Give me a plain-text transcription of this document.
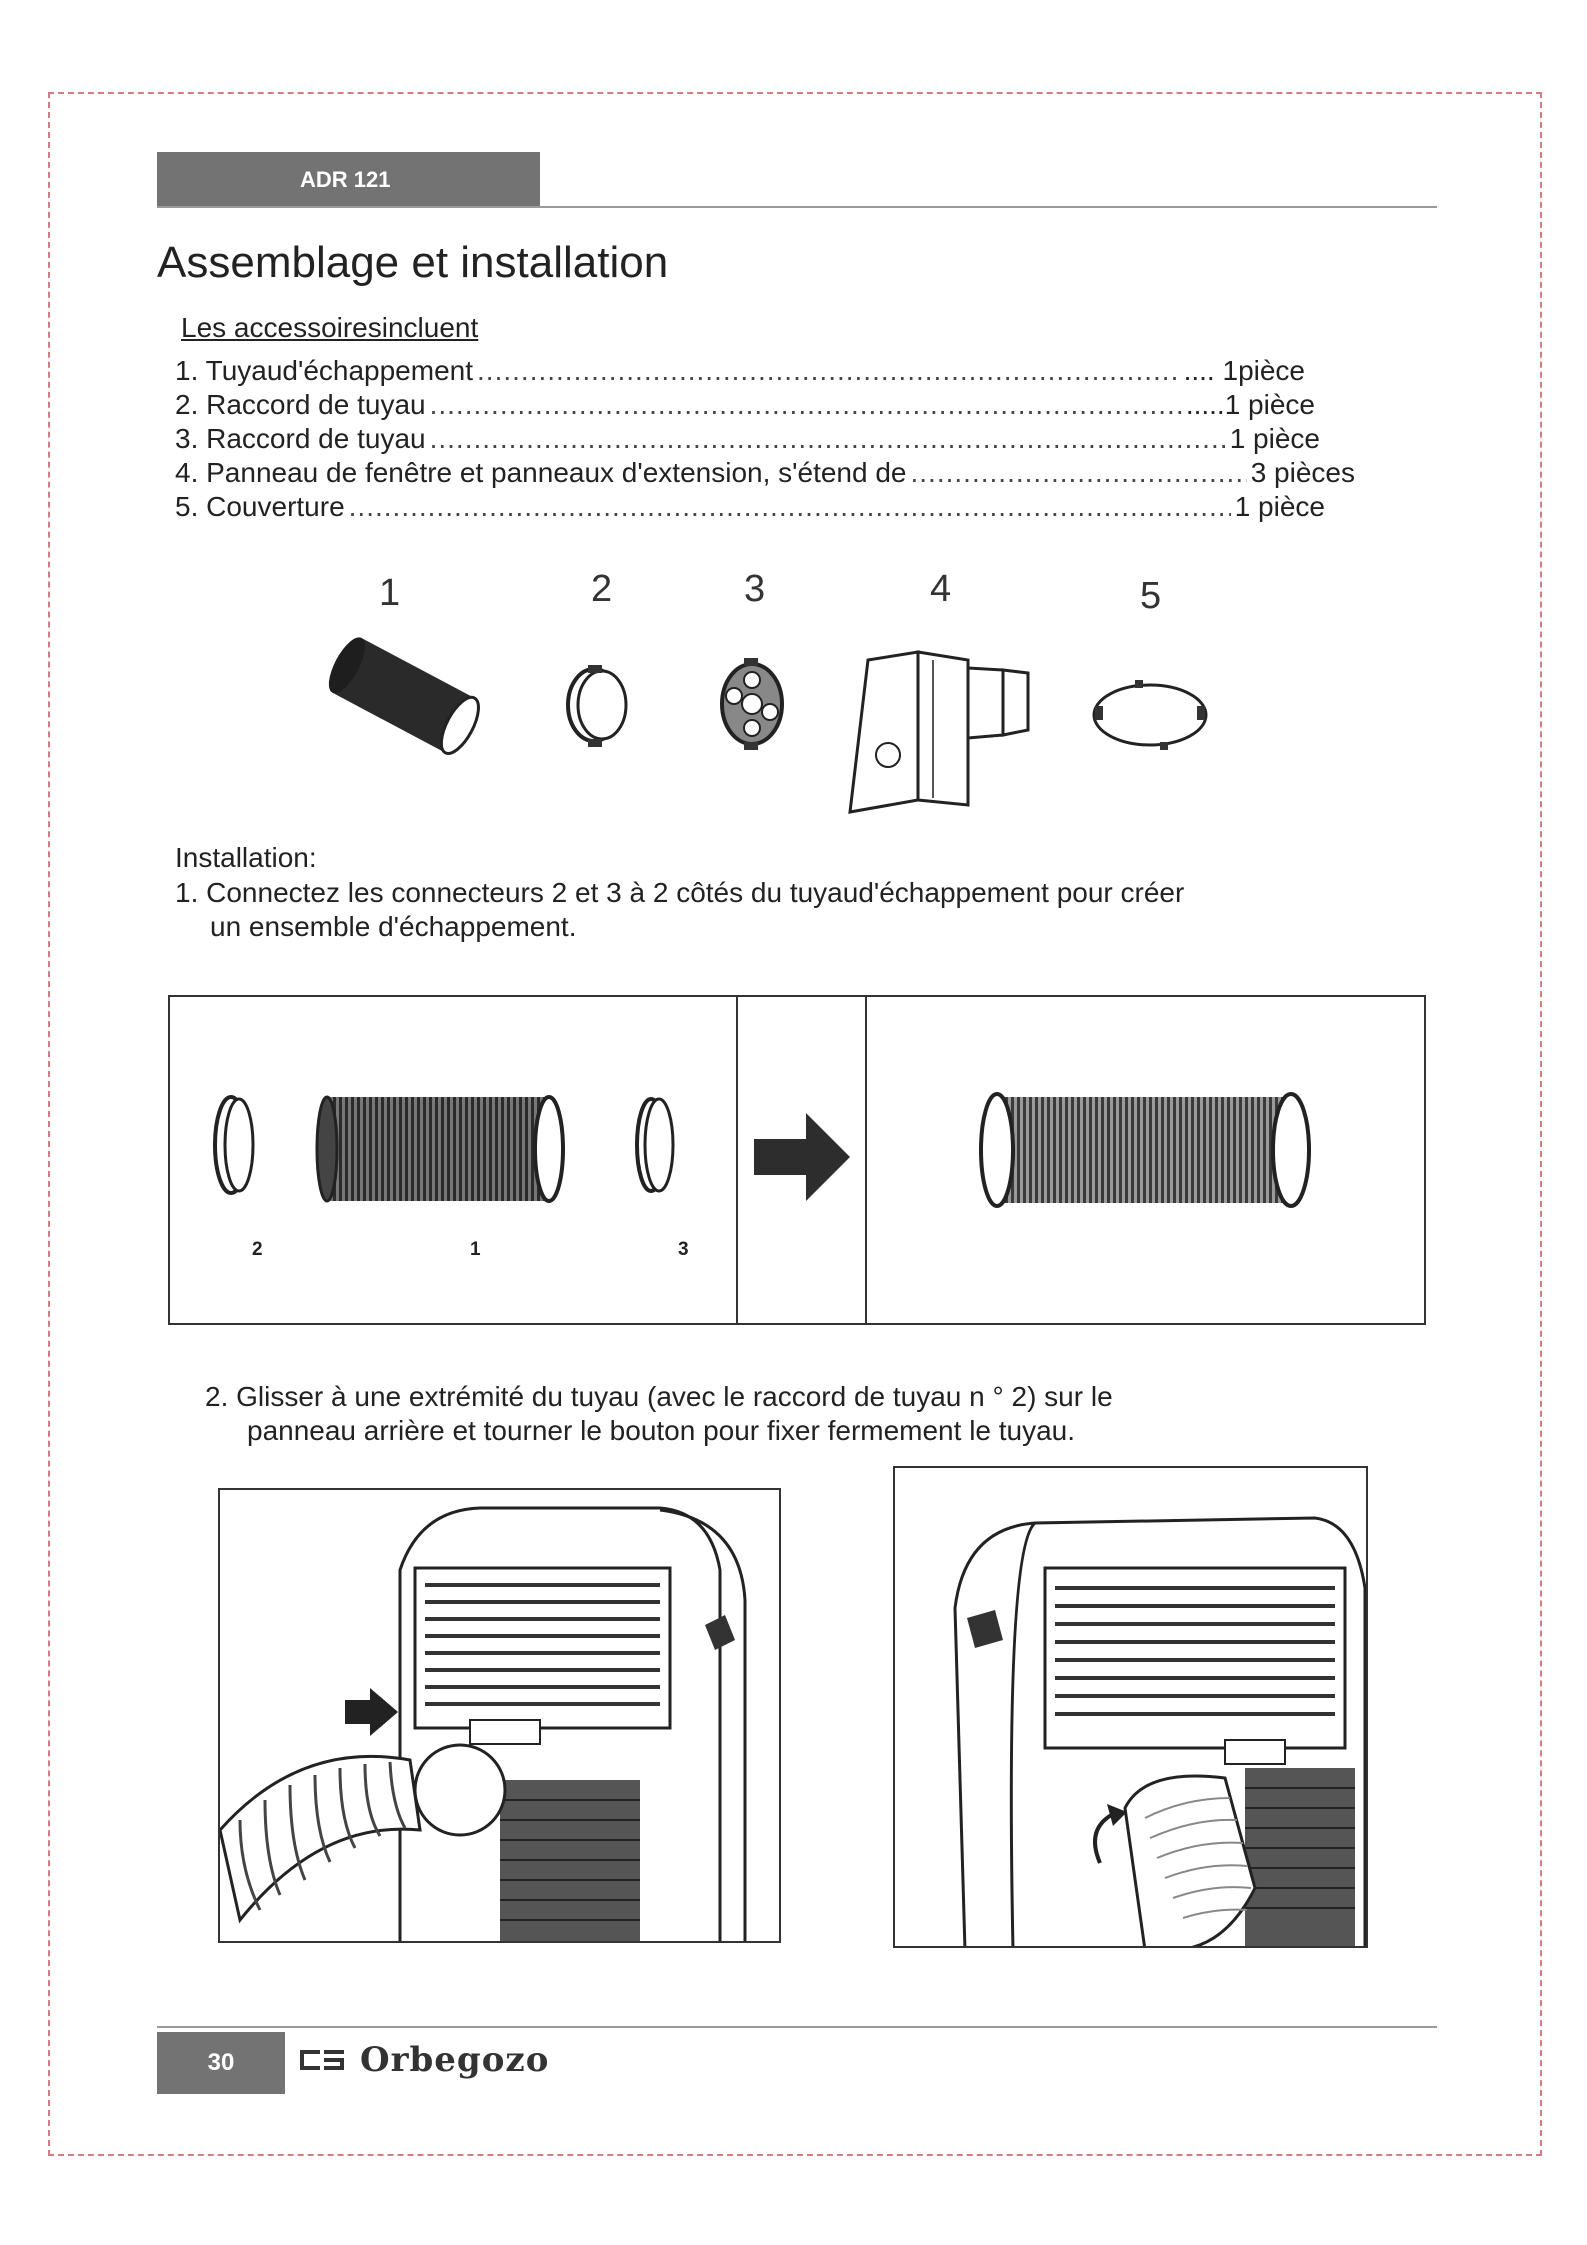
ADR 121
Assemblage et installation
Les accessoiresincluent
1. Tuyaud'échappement .....	.... 1pièce
2. Raccord de tuyau .....	.....1 pièce
3. Raccord de tuyau .....	1 pièce
4. Panneau de fenêtre et panneaux d'extension, s'étend de .....	3 pièces
5. Couverture .....	1 pièce
1	2	3	4	5
Installation:
1. Connectez les connecteurs 2 et 3 à 2 côtés du tuyaud'échappement pour créer
un ensemble d'échappement.
2	1	3
2. Glisser à une extrémité du tuyau (avec le raccord de tuyau n ° 2) sur le
panneau arrière et tourner le bouton pour fixer fermement le tuyau.
30	Orbegozo
